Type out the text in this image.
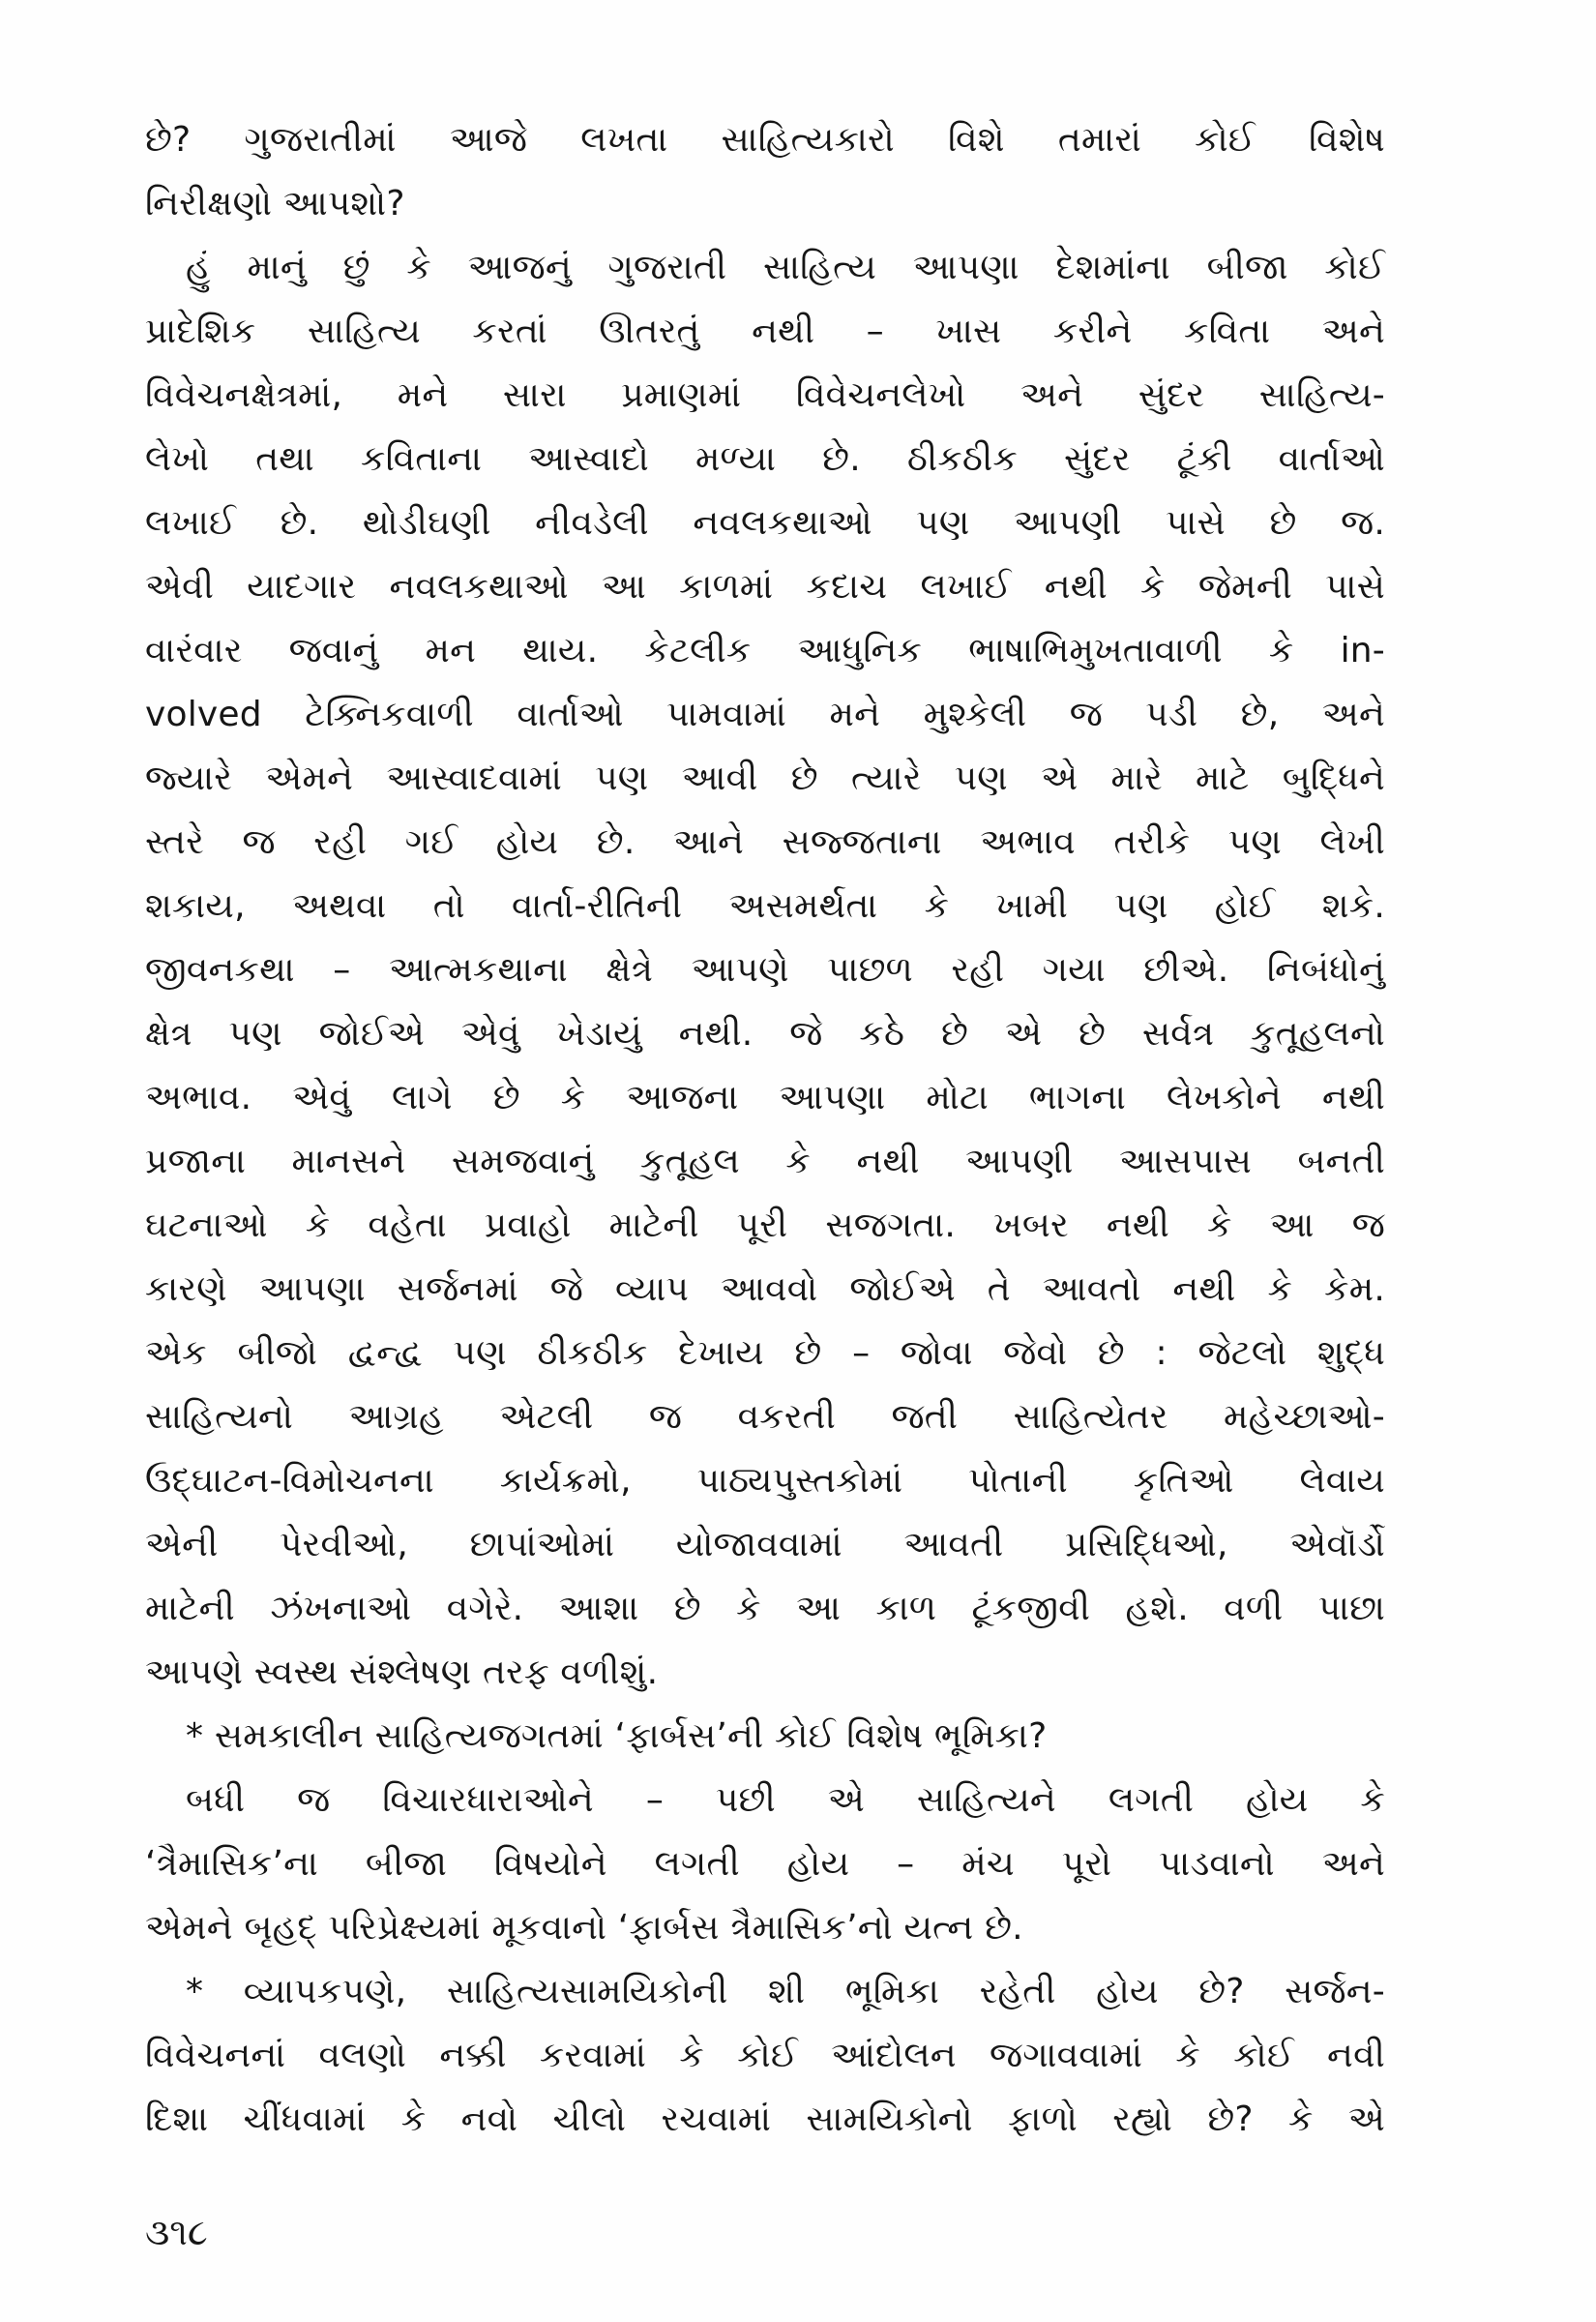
છે? ગુજરાતીમાં આજે લખતા સાહિત્યકારો વિશે તમારાં કોઈ વિશેષ
નિરીક્ષણો આપશો?
હું માનું છું કે આજનું ગુજરાતી સાહિત્ય આપણા દેશમાંના બીજા કોઈ
પ્રાદેશિક સાહિત્ય કરતાં ઊતરતું નથી – ખાસ કરીને કવિતા અને
વિવેચનક્ષેત્રમાં, મને સારા પ્રમાણમાં વિવેચનલેખો અને સુંદર સાહિત્ય-
લેખો તથા કવિતાના આસ્વાદો મળ્યા છે. ઠીકઠીક સુંદર ટૂંકી વાર્તાઓ
લખાઈ છે. થોડીઘણી નીવડેલી નવલકથાઓ પણ આપણી પાસે છે જ.
એવી યાદગાર નવલકથાઓ આ કાળમાં કદાચ લખાઈ નથી કે જેમની પાસે
વારંવાર જવાનું મન થાય. કેટલીક આધુનિક ભાષાભિમુખતાવાળી કે in-
volved ટેક્નિકવાળી વાર્તાઓ પામવામાં મને મુશ્કેલી જ પડી છે, અને
જ્યારે એમને આસ્વાદવામાં પણ આવી છે ત્યારે પણ એ મારે માટે બુદ્ધિને
સ્તરે જ રહી ગઈ હોય છે. આને સજ્જતાના અભાવ તરીકે પણ લેખી
શકાય, અથવા તો વાર્તા-રીતિની અસમર્થતા કે ખામી પણ હોઈ શકે.
જીવનકથા – આત્મકથાના ક્ષેત્રે આપણે પાછળ રહી ગયા છીએ. નિબંધોનું
ક્ષેત્ર પણ જોઈએ એવું ખેડાયું નથી. જે કઠે છે એ છે સર્વત્ર કુતૂહલનો
અભાવ. એવું લાગે છે કે આજના આપણા મોટા ભાગના લેખકોને નથી
પ્રજાના માનસને સમજવાનું કુતૂહલ કે નથી આપણી આસપાસ બનતી
ઘટનાઓ કે વહેતા પ્રવાહો માટેની પૂરી સજગતા. ખબર નથી કે આ જ
કારણે આપણા સર્જનમાં જે વ્યાપ આવવો જોઈએ તે આવતો નથી કે કેમ.
એક બીજો દ્વન્દ્વ પણ ઠીકઠીક દેખાય છે – જોવા જેવો છે : જેટલો શુદ્ધ
સાહિત્યનો આગ્રહ એટલી જ વકરતી જતી સાહિત્યેતર મહેચ્છાઓ-
ઉદ્ઘાટન-વિમોચનના કાર્યક્રમો, પાઠ્યપુસ્તકોમાં પોતાની કૃતિઓ લેવાય
એની પેરવીઓ, છાપાંઓમાં યોજાવવામાં આવતી પ્રસિદ્ધિઓ, એવૉર્ડો
માટેની ઝંખનાઓ વગેરે. આશા છે કે આ કાળ ટૂંકજીવી હશે. વળી પાછા
આપણે સ્વસ્થ સંશ્લેષણ તરફ વળીશું.
* સમકાલીન સાહિત્યજગતમાં ‘ફાર્બસ’ની કોઈ વિશેષ ભૂમિકા?
બધી જ વિચારધારાઓને – પછી એ સાહિત્યને લગતી હોય કે
‘ત્રૈમાસિક’ના બીજા વિષયોને લગતી હોય – મંચ પૂરો પાડવાનો અને
એમને બૃહદ્ પરિપ્રેક્ષ્યમાં મૂકવાનો ‘ફાર્બસ ત્રૈમાસિક’નો યત્ન છે.
* વ્યાપકપણે, સાહિત્યસામયિકોની શી ભૂમિકા રહેતી હોય છે? સર્જન-
વિવેચનનાં વલણો નક્કી કરવામાં કે કોઈ આંદોલન જગાવવામાં કે કોઈ નવી
દિશા ચીંધવામાં કે નવો ચીલો રચવામાં સામયિકોનો ફાળો રહ્યો છે? કે એ
૩૧૮
